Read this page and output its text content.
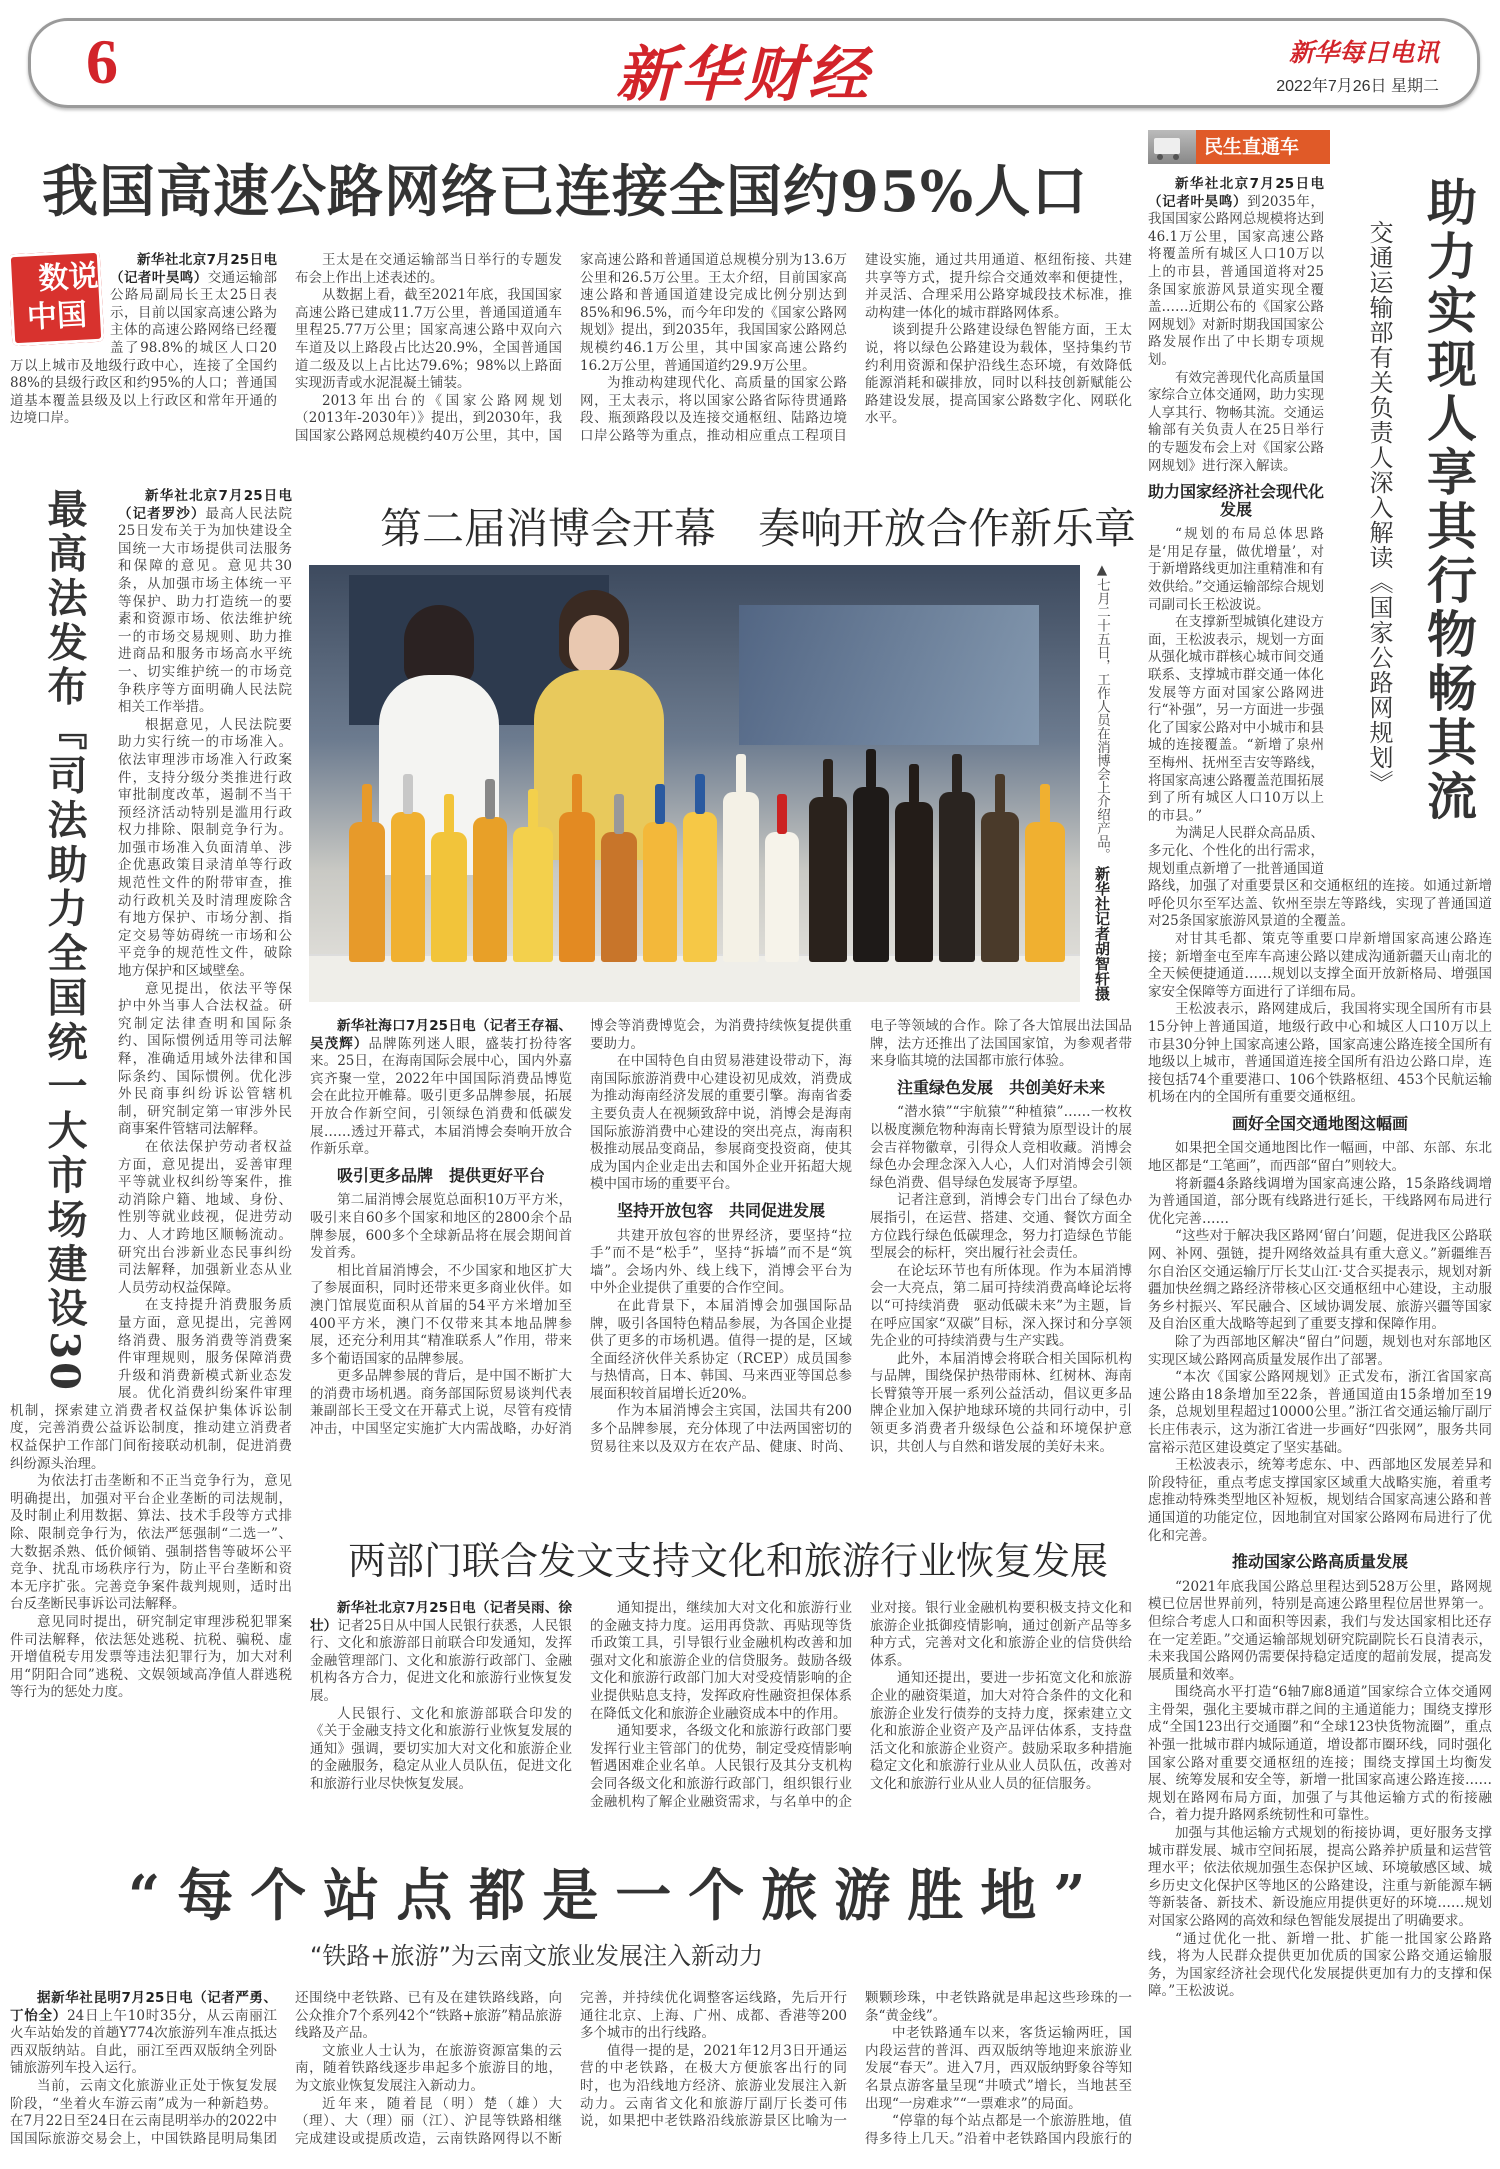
6	新华财经	新华每日电讯
2022年7月26日 星期二
我国高速公路网络已连接全国约95%人口

数说中国
新华社北京7月25日电（记者叶昊鸣）交通运输部公路局副局长王太25日表示，目前以国家高速公路为主体的高速公路网络已经覆盖了98.8%的城区人口20万以上城市及地级行政中心，连接了全国约88%的县级行政区和约95%的人口；普通国道基本覆盖县级及以上行政区和常年开通的边境口岸。

王太是在交通运输部当日举行的专题发布会上作出上述表述的。

从数据上看，截至2021年底，我国国家高速公路已建成11.7万公里，普通国道通车里程25.77万公里；国家高速公路中双向六车道及以上路段占比达20.9%，全国普通国道二级及以上占比达79.6%；98%以上路面实现沥青或水泥混凝土铺装。

2013年出台的《国家公路网规划（2013年-2030年）》提出，到2030年，我国国家公路网总规模约40万公里，其中，国家高速公路和普通国道总规模分别为13.6万公里和26.5万公里。王太介绍，目前国家高速公路和普通国道建设完成比例分别达到85%和96.5%，而今年印发的《国家公路网规划》提出，到2035年，我国国家公路网总规模约46.1万公里，其中国家高速公路约16.2万公里，普通国道约29.9万公里。

为推动构建现代化、高质量的国家公路网，王太表示，将以国家公路省际待贯通路段、瓶颈路段以及连接交通枢纽、陆路边境口岸公路等为重点，推动相应重点工程项目建设实施，通过共用通道、枢纽衔接、共建共享等方式，提升综合交通效率和便捷性，并灵活、合理采用公路穿城段技术标准，推动构建一体化的城市群路网体系。

谈到提升公路建设绿色智能方面，王太说，将以绿色公路建设为载体，坚持集约节约利用资源和保护沿线生态环境，有效降低能源消耗和碳排放，同时以科技创新赋能公路建设发展，提高国家公路数字化、网联化水平。

最高法发布『司法助力全国统一大市场建设30

新华社北京7月25日电（记者罗沙）最高人民法院25日发布关于为加快建设全国统一大市场提供司法服务和保障的意见。意见共30条，从加强市场主体统一平等保护、助力打造统一的要素和资源市场、依法维护统一的市场交易规则、助力推进商品和服务市场高水平统一、切实维护统一的市场竞争秩序等方面明确人民法院相关工作举措。

根据意见，人民法院要助力实行统一的市场准入。依法审理涉市场准入行政案件，支持分级分类推进行政审批制度改革，遏制不当干预经济活动特别是滥用行政权力排除、限制竞争行为。加强市场准入负面清单、涉企优惠政策目录清单等行政规范性文件的附带审查，推动行政机关及时清理废除含有地方保护、市场分割、指定交易等妨碍统一市场和公平竞争的规范性文件，破除地方保护和区域壁垒。

意见提出，依法平等保护中外当事人合法权益。研究制定法律查明和国际条约、国际惯例适用等司法解释，准确适用域外法律和国际条约、国际惯例。优化涉外民商事纠纷诉讼管辖机制，研究制定第一审涉外民商事案件管辖司法解释。

在依法保护劳动者权益方面，意见提出，妥善审理平等就业权纠纷等案件，推动消除户籍、地域、身份、性别等就业歧视，促进劳动力、人才跨地区顺畅流动。研究出台涉新业态民事纠纷司法解释，加强新业态从业人员劳动权益保障。

在支持提升消费服务质量方面，意见提出，完善网络消费、服务消费等消费案件审理规则，服务保障消费升级和消费新模式新业态发展。优化消费纠纷案件审理机制，探索建立消费者权益保护集体诉讼制度，完善消费公益诉讼制度，推动建立消费者权益保护工作部门间衔接联动机制，促进消费纠纷源头治理。

为依法打击垄断和不正当竞争行为，意见明确提出，加强对平台企业垄断的司法规制，及时制止利用数据、算法、技术手段等方式排除、限制竞争行为，依法严惩强制“二选一”、大数据杀熟、低价倾销、强制搭售等破坏公平竞争、扰乱市场秩序行为，防止平台垄断和资本无序扩张。完善竞争案件裁判规则，适时出台反垄断民事诉讼司法解释。

意见同时提出，研究制定审理涉税犯罪案件司法解释，依法惩处逃税、抗税、骗税、虚开增值税专用发票等违法犯罪行为，加大对利用“阴阳合同”逃税、文娱领域高净值人群逃税等行为的惩处力度。

第二届消博会开幕　奏响开放合作新乐章
▲七月二十五日，工作人员在消博会上介绍产品。 新华社记者胡智轩摄

新华社海口7月25日电（记者王存福、吴茂辉）品牌陈列迷人眼，盛装打扮待客来。25日，在海南国际会展中心，国内外嘉宾齐聚一堂，2022年中国国际消费品博览会在此拉开帷幕。吸引更多品牌参展，拓展开放合作新空间，引领绿色消费和低碳发展……透过开幕式，本届消博会奏响开放合作新乐章。

吸引更多品牌　提供更好平台

第二届消博会展览总面积10万平方米，吸引来自60多个国家和地区的2800余个品牌参展，600多个全球新品将在展会期间首发首秀。

相比首届消博会，不少国家和地区扩大了参展面积，同时还带来更多商业伙伴。如澳门馆展览面积从首届的54平方米增加至400平方米，澳门不仅带来其本地品牌参展，还充分利用其“精准联系人”作用，带来多个葡语国家的品牌参展。

更多品牌参展的背后，是中国不断扩大的消费市场机遇。商务部国际贸易谈判代表兼副部长王受文在开幕式上说，尽管有疫情冲击，中国坚定实施扩大内需战略，办好消博会等消费博览会，为消费持续恢复提供重要助力。

在中国特色自由贸易港建设带动下，海南国际旅游消费中心建设初见成效，消费成为推动海南经济发展的重要引擎。海南省委主要负责人在视频致辞中说，消博会是海南国际旅游消费中心建设的突出亮点，海南积极推动展品变商品，参展商变投资商，使其成为国内企业走出去和国外企业开拓超大规模中国市场的重要平台。

坚持开放包容　共同促进发展

共建开放包容的世界经济，要坚持“拉手”而不是“松手”，坚持“拆墙”而不是“筑墙”。会场内外、线上线下，消博会平台为中外企业提供了重要的合作空间。

在此背景下，本届消博会加强国际品牌，吸引各国特色精品参展，为各国企业提供了更多的市场机遇。值得一提的是，区域全面经济伙伴关系协定（RCEP）成员国参与热情高，日本、韩国、马来西亚等国总参展面积较首届增长近20%。

作为本届消博会主宾国，法国共有200多个品牌参展，充分体现了中法两国密切的贸易往来以及双方在农产品、健康、时尚、电子等领域的合作。除了各大馆展出法国品牌，法方还推出了法国国家馆，为参观者带来身临其境的法国都市旅行体验。

注重绿色发展　共创美好未来

“潜水猿”“宇航猿”“种植猿”……一枚枚以极度濒危物种海南长臂猿为原型设计的展会吉祥物徽章，引得众人竞相收藏。消博会绿色办会理念深入人心，人们对消博会引领绿色消费、倡导绿色发展寄予厚望。

记者注意到，消博会专门出台了绿色办展指引，在运营、搭建、交通、餐饮方面全方位践行绿色低碳理念，努力打造绿色节能型展会的标杆，突出履行社会责任。

在论坛环节也有所体现。作为本届消博会一大亮点，第二届可持续消费高峰论坛将以“可持续消费　驱动低碳未来”为主题，旨在呼应国家“双碳”目标，深入探讨和分享领先企业的可持续消费与生产实践。

此外，本届消博会将联合相关国际机构与品牌，围绕保护热带雨林、红树林、海南长臂猿等开展一系列公益活动，倡议更多品牌企业加入保护地球环境的共同行动中，引领更多消费者升级绿色公益和环境保护意识，共创人与自然和谐发展的美好未来。

两部门联合发文支持文化和旅游行业恢复发展

新华社北京7月25日电（记者吴雨、徐壮）记者25日从中国人民银行获悉，人民银行、文化和旅游部日前联合印发通知，发挥金融管理部门、文化和旅游行政部门、金融机构各方合力，促进文化和旅游行业恢复发展。

人民银行、文化和旅游部联合印发的《关于金融支持文化和旅游行业恢复发展的通知》强调，要切实加大对文化和旅游企业的金融服务，稳定从业人员队伍，促进文化和旅游行业尽快恢复发展。

通知提出，继续加大对文化和旅游行业的金融支持力度。运用再贷款、再贴现等货币政策工具，引导银行业金融机构改善和加强对文化和旅游企业的信贷服务。鼓励各级文化和旅游行政部门加大对受疫情影响的企业提供贴息支持，发挥政府性融资担保体系在降低文化和旅游企业融资成本中的作用。

通知要求，各级文化和旅游行政部门要发挥行业主管部门的优势，制定受疫情影响暂遇困难企业名单。人民银行及其分支机构会同各级文化和旅游行政部门，组织银行业金融机构了解企业融资需求，与名单中的企业对接。银行业金融机构要积极支持文化和旅游企业抵御疫情影响，通过创新产品等多种方式，完善对文化和旅游企业的信贷供给体系。

通知还提出，要进一步拓宽文化和旅游企业的融资渠道，加大对符合条件的文化和旅游企业发行债券的支持力度，探索建立文化和旅游企业资产及产品评估体系，支持盘活文化和旅游企业资产。鼓励采取多种措施稳定文化和旅游行业从业人员队伍，改善对文化和旅游行业从业人员的征信服务。

“每个站点都是一个旅游胜地”
“铁路+旅游”为云南文旅业发展注入新动力

据新华社昆明7月25日电（记者严勇、丁怡全）24日上午10时35分，从云南丽江火车站始发的首趟Y774次旅游列车准点抵达西双版纳站。自此，丽江至西双版纳全列卧铺旅游列车投入运行。

当前，云南文化旅游业正处于恢复发展阶段，“坐着火车游云南”成为一种新趋势。在7月22日至24日在云南昆明举办的2022中国国际旅游交易会上，中国铁路昆明局集团还围绕中老铁路、已有及在建铁路线路，向公众推介7个系列42个“铁路+旅游”精品旅游线路及产品。

文旅业人士认为，在旅游资源富集的云南，随着铁路线逐步串起多个旅游目的地，为文旅业恢复发展注入新动力。

近年来，随着昆（明）楚（雄）大（理）、大（理）丽（江）、沪昆等铁路相继完成建设或提质改造，云南铁路网得以不断完善，并持续优化调整客运线路，先后开行通往北京、上海、广州、成都、香港等200多个城市的出行线路。

值得一提的是，2021年12月3日开通运营的中老铁路，在极大方便旅客出行的同时，也为沿线地方经济、旅游业发展注入新动力。云南省文化和旅游厅副厅长娄可伟说，如果把中老铁路沿线旅游景区比喻为一颗颗珍珠，中老铁路就是串起这些珍珠的一条“黄金线”。

中老铁路通车以来，客货运输两旺，国内段运营的普洱、西双版纳等地迎来旅游业发展“春天”。进入7月，西双版纳野象谷等知名景点游客量呈现“井喷式”增长，当地甚至出现“一房难求”“一票难求”的局面。

“停靠的每个站点都是一个旅游胜地，值得多待上几天。”沿着中老铁路国内段旅行的

民生直通车
助力实现人享其行物畅其流
交通运输部有关负责人深入解读《国家公路网规划》

新华社北京7月25日电（记者叶昊鸣）到2035年，我国国家公路网总规模将达到46.1万公里，国家高速公路将覆盖所有城区人口10万以上的市县，普通国道将对25条国家旅游风景道实现全覆盖……近期公布的《国家公路网规划》对新时期我国国家公路发展作出了中长期专项规划。

有效完善现代化高质量国家综合立体交通网，助力实现人享其行、物畅其流。交通运输部有关负责人在25日举行的专题发布会上对《国家公路网规划》进行深入解读。

助力国家经济社会现代化发展

“规划的布局总体思路是‘用足存量，做优增量’，对于新增路线更加注重精准和有效供给。”交通运输部综合规划司副司长王松波说。

在支撑新型城镇化建设方面，王松波表示，规划一方面从强化城市群核心城市间交通联系、支撑城市群交通一体化发展等方面对国家公路网进行“补强”，另一方面进一步强化了国家公路对中小城市和县城的连接覆盖。“新增了泉州至梅州、抚州至吉安等路线，将国家高速公路覆盖范围拓展到了所有城区人口10万以上的市县。”

为满足人民群众高品质、多元化、个性化的出行需求，规划重点新增了一批普通国道路线，加强了对重要景区和交通枢纽的连接。如通过新增呼伦贝尔至军达盖、钦州至崇左等路线，实现了普通国道对25条国家旅游风景道的全覆盖。

对甘其毛都、策克等重要口岸新增国家高速公路连接；新增奎屯至库车高速公路以建成沟通新疆天山南北的全天候便捷通道……规划以支撑全面开放新格局、增强国家安全保障等方面进行了详细布局。

王松波表示，路网建成后，我国将实现全国所有市县15分钟上普通国道，地级行政中心和城区人口10万以上市县30分钟上国家高速公路，国家高速公路连接全国所有地级以上城市，普通国道连接全国所有沿边公路口岸，连接包括74个重要港口、106个铁路枢纽、453个民航运输机场在内的全国所有重要交通枢纽。

画好全国交通地图这幅画

如果把全国交通地图比作一幅画，中部、东部、东北地区都是“工笔画”，而西部“留白”则较大。

将新疆4条路线调增为国家高速公路，15条路线调增为普通国道，部分既有线路进行延长，干线路网布局进行优化完善……

“这些对于解决我区路网‘留白’问题，促进我区公路联网、补网、强链，提升网络效益具有重大意义。”新疆维吾尔自治区交通运输厅厅长艾山江·艾合买提表示，规划对新疆加快丝绸之路经济带核心区交通枢纽中心建设，主动服务乡村振兴、军民融合、区域协调发展、旅游兴疆等国家及自治区重大战略等起到了重要支撑和保障作用。

除了为西部地区解决“留白”问题，规划也对东部地区实现区域公路网高质量发展作出了部署。

“本次《国家公路网规划》正式发布，浙江省国家高速公路由18条增加至22条，普通国道由15条增加至19条，总规划里程超过10000公里。”浙江省交通运输厅副厅长庄伟表示，这为浙江省进一步画好“四张网”，服务共同富裕示范区建设奠定了坚实基础。

王松波表示，统筹考虑东、中、西部地区发展差异和阶段特征，重点考虑支撑国家区域重大战略实施，着重考虑推动特殊类型地区补短板，规划结合国家高速公路和普通国道的功能定位，因地制宜对国家公路网布局进行了优化和完善。

推动国家公路高质量发展

“2021年底我国公路总里程达到528万公里，路网规模已位居世界前列，特别是高速公路里程位居世界第一。但综合考虑人口和面积等因素，我们与发达国家相比还存在一定差距。”交通运输部规划研究院副院长石良清表示，未来我国公路网仍需要保持稳定适度的超前发展，提高发展质量和效率。

围绕高水平打造“6轴7廊8通道”国家综合立体交通网主骨架，强化主要城市群之间的主通道能力；围绕支撑形成“全国123出行交通圈”和“全球123快货物流圈”，重点补强一批城市群内城际通道，增设都市圈环线，同时强化国家公路对重要交通枢纽的连接；围绕支撑国土均衡发展、统筹发展和安全等，新增一批国家高速公路连接……规划在路网布局方面，加强了与其他运输方式的衔接融合，着力提升路网系统韧性和可靠性。

加强与其他运输方式规划的衔接协调，更好服务支撑城市群发展、城市空间拓展，提高公路养护质量和运营管理水平；依法依规加强生态保护区域、环境敏感区域、城乡历史文化保护区等地区的公路建设，注重与新能源车辆等新装备、新技术、新设施应用提供更好的环境……规划对国家公路网的高效和绿色智能发展提出了明确要求。

“通过优化一批、新增一批、扩能一批国家公路路线，将为人民群众提供更加优质的国家公路交通运输服务，为国家经济社会现代化发展提供更加有力的支撑和保障。”王松波说。
